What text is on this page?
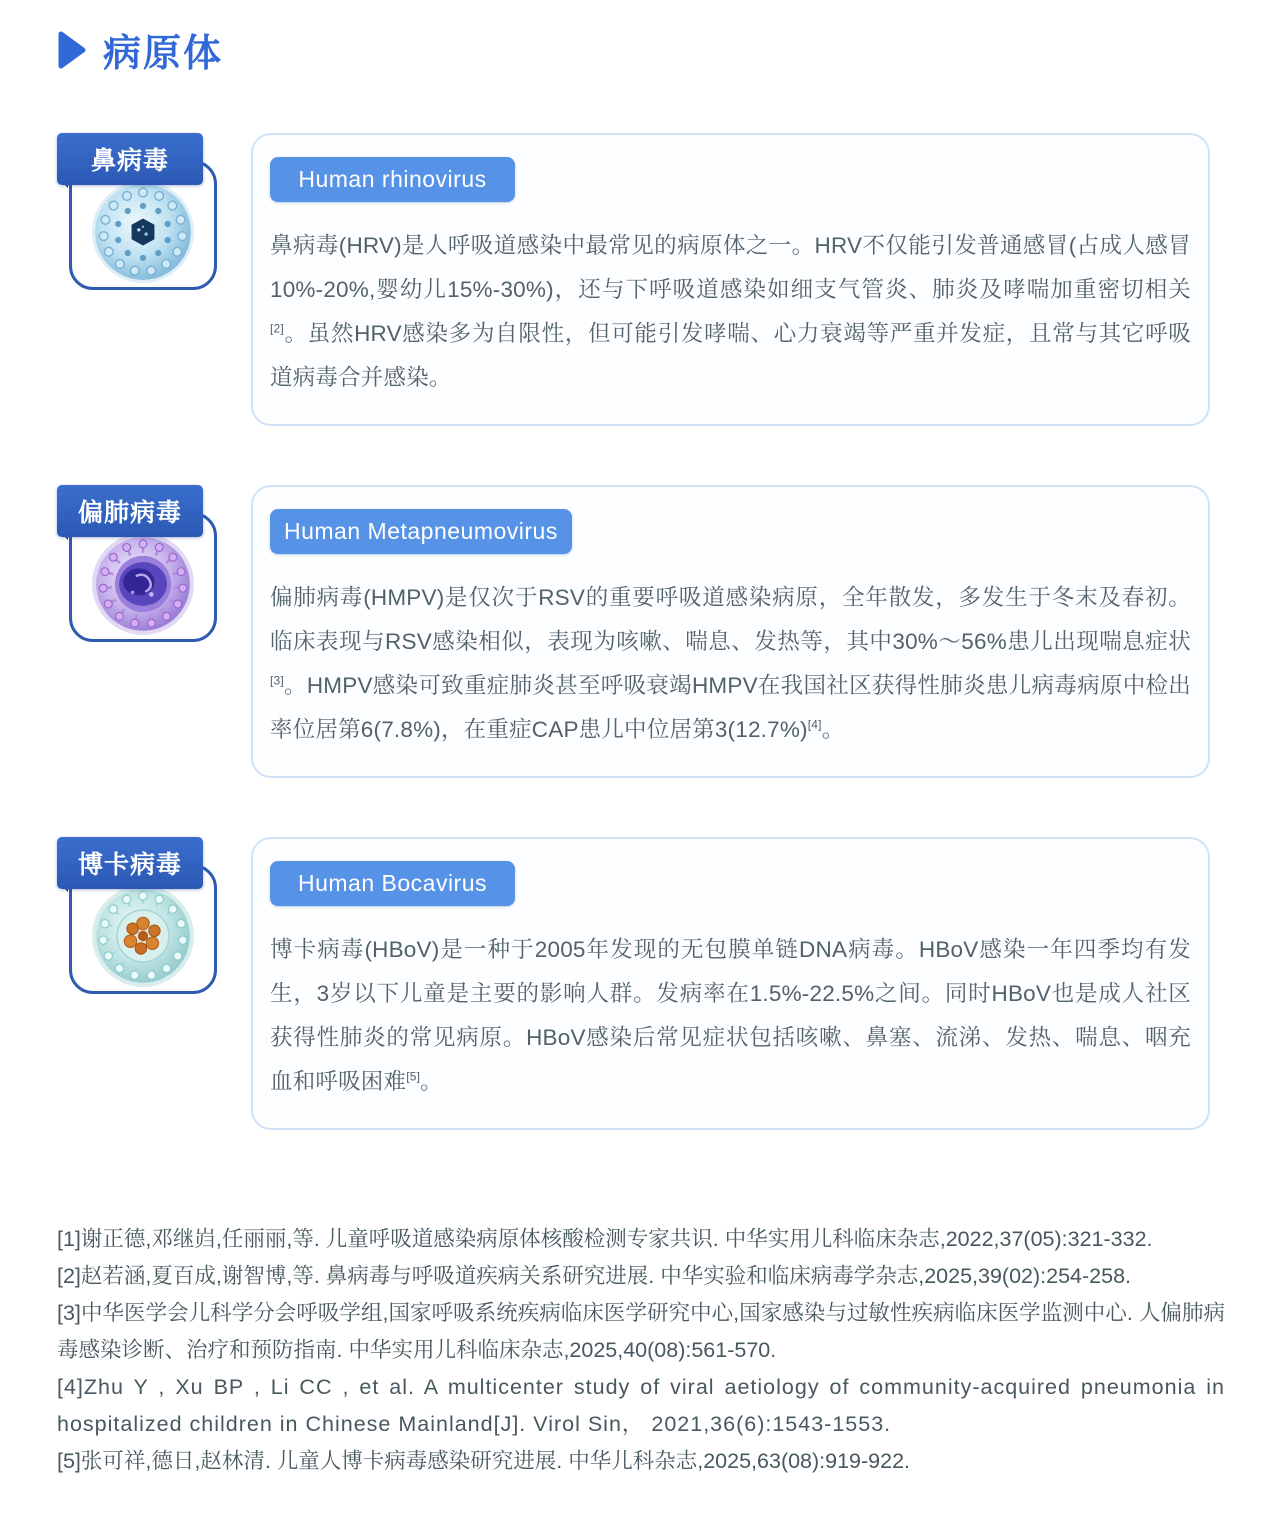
病原体
鼻病毒
Human rhinovirus

鼻病毒(HRV)是人呼吸道感染中最常见的病原体之一。HRV不仅能引发普通感冒(占成人感冒10%-20%,婴幼儿15%-30%)，还与下呼吸道感染如细支气管炎、肺炎及哮喘加重密切相关[2]。虽然HRV感染多为自限性，但可能引发哮喘、心力衰竭等严重并发症，且常与其它呼吸道病毒合并感染。

偏肺病毒
Human Metapneumovirus

偏肺病毒(HMPV)是仅次于RSV的重要呼吸道感染病原，全年散发，多发生于冬末及春初。临床表现与RSV感染相似，表现为咳嗽、喘息、发热等，其中30%～56%患儿出现喘息症状[3]。HMPV感染可致重症肺炎甚至呼吸衰竭HMPV在我国社区获得性肺炎患儿病毒病原中检出率位居第6(7.8%)，在重症CAP患儿中位居第3(12.7%)[4]。

博卡病毒
Human Bocavirus

博卡病毒(HBoV)是一种于2005年发现的无包膜单链DNA病毒。HBoV感染一年四季均有发生，3岁以下儿童是主要的影响人群。发病率在1.5%-22.5%之间。同时HBoV也是成人社区获得性肺炎的常见病原。HBoV感染后常见症状包括咳嗽、鼻塞、流涕、发热、喘息、咽充血和呼吸困难[5]。

[1]谢正德,邓继岿,任丽丽,等. 儿童呼吸道感染病原体核酸检测专家共识. 中华实用儿科临床杂志,2022,37(05):321-332.
[2]赵若涵,夏百成,谢智博,等. 鼻病毒与呼吸道疾病关系研究进展. 中华实验和临床病毒学杂志,2025,39(02):254-258.
[3]中华医学会儿科学分会呼吸学组,国家呼吸系统疾病临床医学研究中心,国家感染与过敏性疾病临床医学监测中心. 人偏肺病毒感染诊断、治疗和预防指南. 中华实用儿科临床杂志,2025,40(08):561-570.
[4]Zhu Y , Xu BP , Li CC , et al. A multicenter study of viral aetiology of community-acquired pneumonia in hospitalized children in Chinese Mainland[J]. Virol Sin， 2021,36(6):1543-1553.
[5]张可祥,德日,赵林清. 儿童人博卡病毒感染研究进展. 中华儿科杂志,2025,63(08):919-922.
